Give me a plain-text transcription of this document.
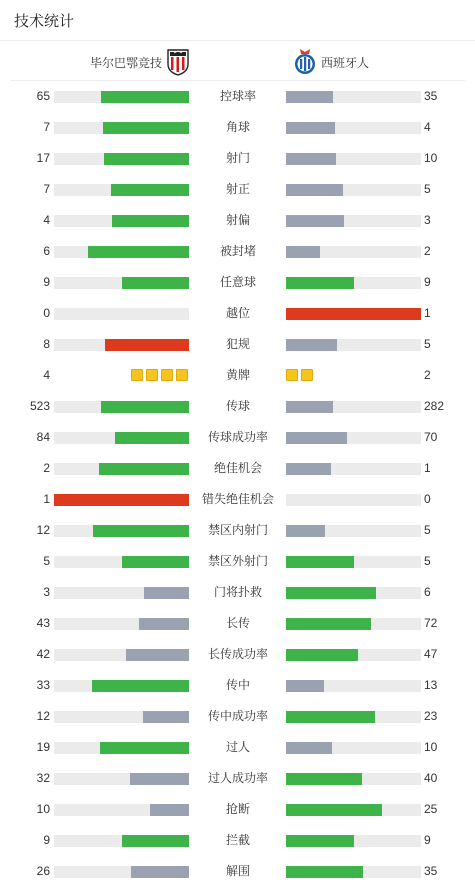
技术统计
毕尔巴鄂竞技	西班牙人
65	控球率	35
7	角球	4
17	射门	10
7	射正	5
4	射偏	3
6	被封堵	2
9	任意球	9
0	越位	1
8	犯规	5
4	黄牌	2
523	传球	282
84	传球成功率	70
2	绝佳机会	1
1	错失绝佳机会	0
12	禁区内射门	5
5	禁区外射门	5
3	门将扑救	6
43	长传	72
42	长传成功率	47
33	传中	13
12	传中成功率	23
19	过人	10
32	过人成功率	40
10	抢断	25
9	拦截	9
26	解围	35
